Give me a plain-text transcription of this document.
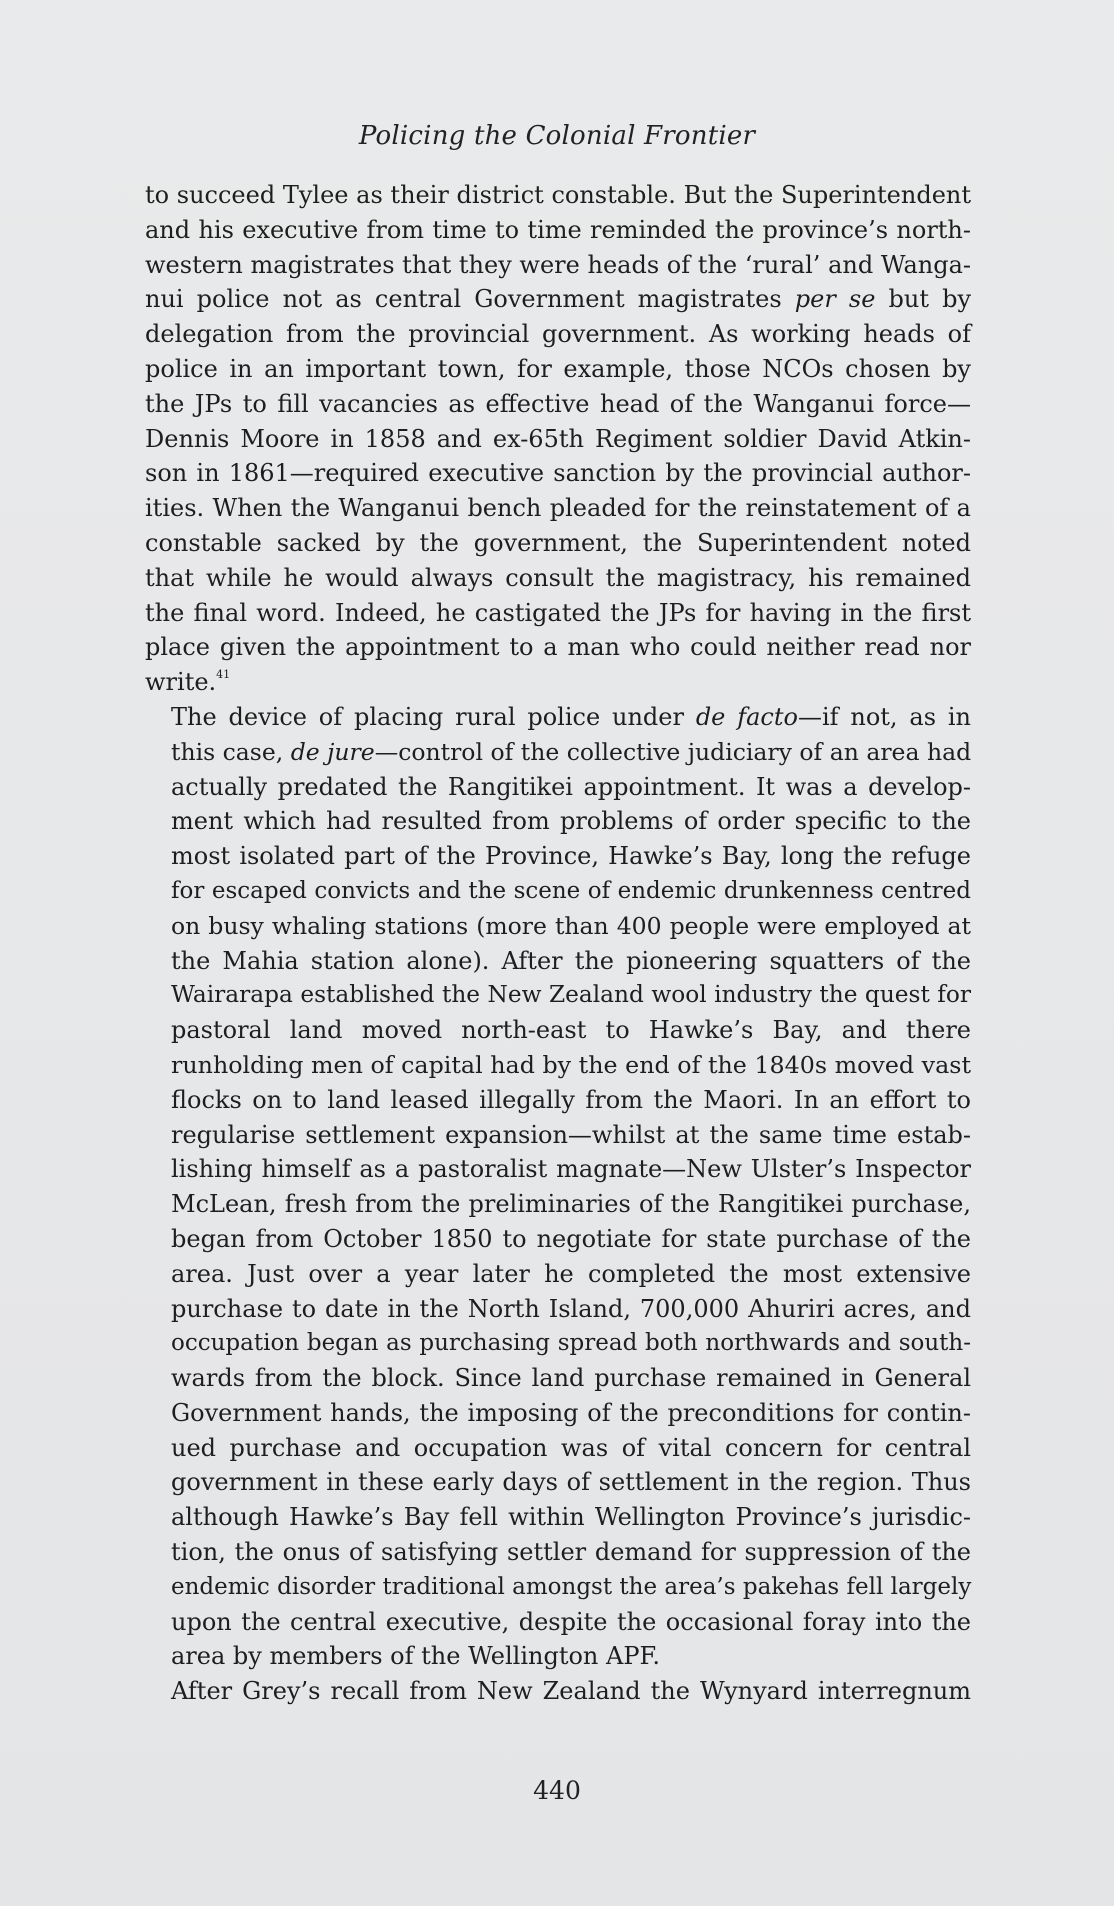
Policing the Colonial Frontier

to succeed Tylee as their district constable. But the Superintendent
and his executive from time to time reminded the province’s north-
western magistrates that they were heads of the ‘rural’ and Wanga-
nui police not as central Government magistrates per se but by
delegation from the provincial government. As working heads of
police in an important town, for example, those NCOs chosen by
the JPs to fill vacancies as effective head of the Wanganui force—
Dennis Moore in 1858 and ex-65th Regiment soldier David Atkin-
son in 1861—required executive sanction by the provincial author-
ities. When the Wanganui bench pleaded for the reinstatement of a
constable sacked by the government, the Superintendent noted
that while he would always consult the magistracy, his remained
the final word. Indeed, he castigated the JPs for having in the first
place given the appointment to a man who could neither read nor
write.$^{41}$

The device of placing rural police under de facto—if not, as in
this case, de jure—control of the collective judiciary of an area had
actually predated the Rangitikei appointment. It was a develop-
ment which had resulted from problems of order specific to the
most isolated part of the Province, Hawke’s Bay, long the refuge
for escaped convicts and the scene of endemic drunkenness centred
on busy whaling stations (more than 400 people were employed at
the Mahia station alone). After the pioneering squatters of the
Wairarapa established the New Zealand wool industry the quest for
pastoral land moved north-east to Hawke’s Bay, and there
runholding men of capital had by the end of the 1840s moved vast
flocks on to land leased illegally from the Maori. In an effort to
regularise settlement expansion—whilst at the same time estab-
lishing himself as a pastoralist magnate—New Ulster’s Inspector
McLean, fresh from the preliminaries of the Rangitikei purchase,
began from October 1850 to negotiate for state purchase of the
area. Just over a year later he completed the most extensive
purchase to date in the North Island, 700,000 Ahuriri acres, and
occupation began as purchasing spread both northwards and south-
wards from the block. Since land purchase remained in General
Government hands, the imposing of the preconditions for contin-
ued purchase and occupation was of vital concern for central
government in these early days of settlement in the region. Thus
although Hawke’s Bay fell within Wellington Province’s jurisdic-
tion, the onus of satisfying settler demand for suppression of the
endemic disorder traditional amongst the area’s pakehas fell largely
upon the central executive, despite the occasional foray into the
area by members of the Wellington APF.

After Grey’s recall from New Zealand the Wynyard interregnum

440
